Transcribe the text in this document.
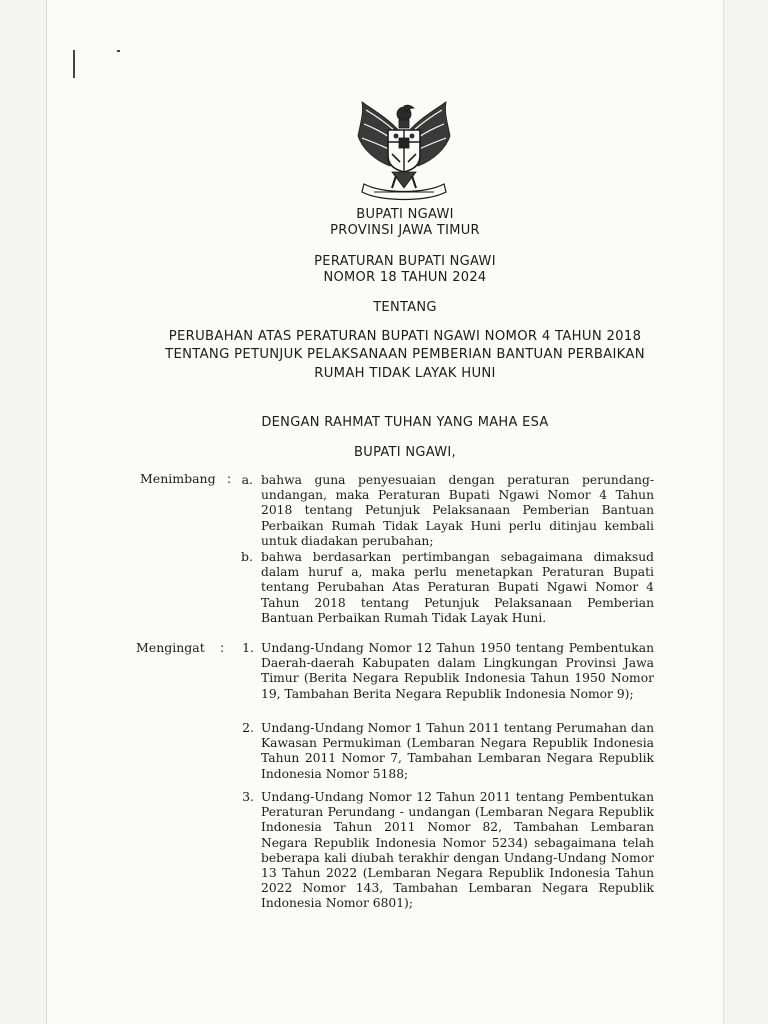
BUPATI NGAWI
PROVINSI JAWA TIMUR
PERATURAN BUPATI NGAWI
NOMOR 18 TAHUN 2024
TENTANG
PERUBAHAN ATAS PERATURAN BUPATI NGAWI NOMOR 4 TAHUN 2018
TENTANG PETUNJUK PELAKSANAAN PEMBERIAN BANTUAN PERBAIKAN
RUMAH TIDAK LAYAK HUNI
DENGAN RAHMAT TUHAN YANG MAHA ESA
BUPATI NGAWI,
Menimbang : a. bahwa guna penyesuaian dengan peraturan perundang-undangan, maka Peraturan Bupati Ngawi Nomor 4 Tahun 2018 tentang Petunjuk Pelaksanaan Pemberian Bantuan Perbaikan Rumah Tidak Layak Huni perlu ditinjau kembali untuk diadakan perubahan;
b. bahwa berdasarkan pertimbangan sebagaimana dimaksud dalam huruf a, maka perlu menetapkan Peraturan Bupati tentang Perubahan Atas Peraturan Bupati Ngawi Nomor 4 Tahun 2018 tentang Petunjuk Pelaksanaan Pemberian Bantuan Perbaikan Rumah Tidak Layak Huni.
Mengingat :	1. Undang-Undang Nomor 12 Tahun 1950 tentang Pembentukan Daerah-daerah Kabupaten dalam Lingkungan Provinsi Jawa Timur (Berita Negara Republik Indonesia Tahun 1950 Nomor 19, Tambahan Berita Negara Republik Indonesia Nomor 9);
2. Undang-Undang Nomor 1 Tahun 2011 tentang Perumahan dan Kawasan Permukiman (Lembaran Negara Republik Indonesia Tahun 2011 Nomor 7, Tambahan Lembaran Negara Republik Indonesia Nomor 5188;
3. Undang-Undang Nomor 12 Tahun 2011 tentang Pembentukan Peraturan Perundang - undangan (Lembaran Negara Republik Indonesia Tahun 2011 Nomor 82, Tambahan Lembaran Negara Republik Indonesia Nomor 5234) sebagaimana telah beberapa kali diubah terakhir dengan Undang-Undang Nomor 13 Tahun 2022 (Lembaran Negara Republik Indonesia Tahun 2022 Nomor 143, Tambahan Lembaran Negara Republik Indonesia Nomor 6801);
